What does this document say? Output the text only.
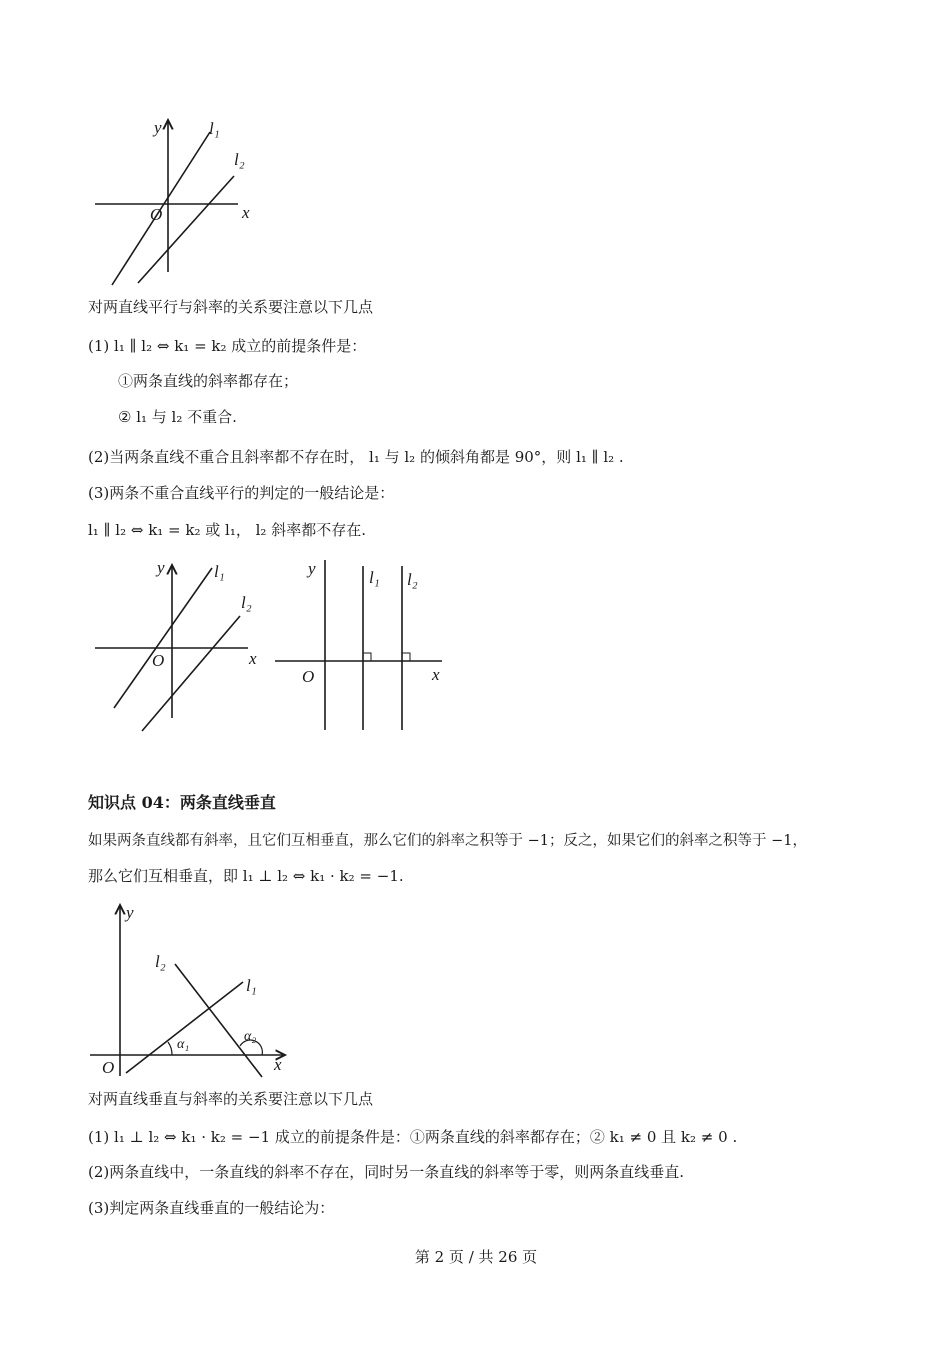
y
x
O
l₁
l₂
y
x
O
l₁
l₂
y
x
O
l₁ l₂
y
x
O
l₁
l₂
α₁
α₂
对两直线平行与斜率的关系要注意以下几点
(1) l₁ ∥ l₂ ⇔ k₁ = k₂ 成立的前提条件是：
①两条直线的斜率都存在；
② l₁ 与 l₂ 不重合.
(2)当两条直线不重合且斜率都不存在时， l₁ 与 l₂ 的倾斜角都是 90°，则 l₁ ∥ l₂ .
(3)两条不重合直线平行的判定的一般结论是：
l₁ ∥ l₂ ⇔ k₁ = k₂ 或 l₁， l₂ 斜率都不存在.
知识点 04：两条直线垂直
如果两条直线都有斜率，且它们互相垂直，那么它们的斜率之积等于 −1；反之，如果它们的斜率之积等于 −1，
那么它们互相垂直，即 l₁ ⊥ l₂ ⇔ k₁ · k₂ = −1.
对两直线垂直与斜率的关系要注意以下几点
(1) l₁ ⊥ l₂ ⇔ k₁ · k₂ = −1 成立的前提条件是：①两条直线的斜率都存在；② k₁ ≠ 0 且 k₂ ≠ 0 .
(2)两条直线中，一条直线的斜率不存在，同时另一条直线的斜率等于零，则两条直线垂直.
(3)判定两条直线垂直的一般结论为：
第 2 页 / 共 26 页
